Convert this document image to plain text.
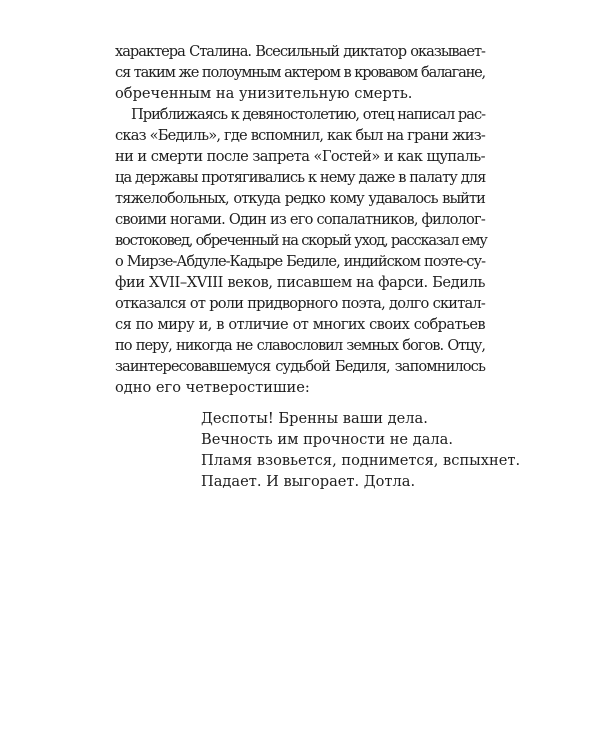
характера Сталина. Всесильный диктатор оказывает-
ся таким же полоумным актером в кровавом балагане,
обреченным на унизительную смерть.
Приближаясь к девяностолетию, отец написал рас-
сказ «Бедиль», где вспомнил, как был на грани жиз-
ни и смерти после запрета «Гостей» и как щупаль-
ца державы протягивались к нему даже в палату для
тяжелобольных, откуда редко кому удавалось выйти
своими ногами. Один из его сопалатников, филолог-
востоковед, обреченный на скорый уход, рассказал ему
о Мирзе-Абдуле-Кадыре Бедиле, индийском поэте-су-
фии XVII–XVIII веков, писавшем на фарси. Бедиль
отказался от роли придворного поэта, долго скитал-
ся по миру и, в отличие от многих своих собратьев
по перу, никогда не славословил земных богов. Отцу,
заинтересовавшемуся судьбой Бедиля, запомнилось
одно его четверостишие:
Деспоты! Бренны ваши дела.
Вечность им прочности не дала.
Пламя взовьется, поднимется, вспыхнет.
Падает. И выгорает. Дотла.
